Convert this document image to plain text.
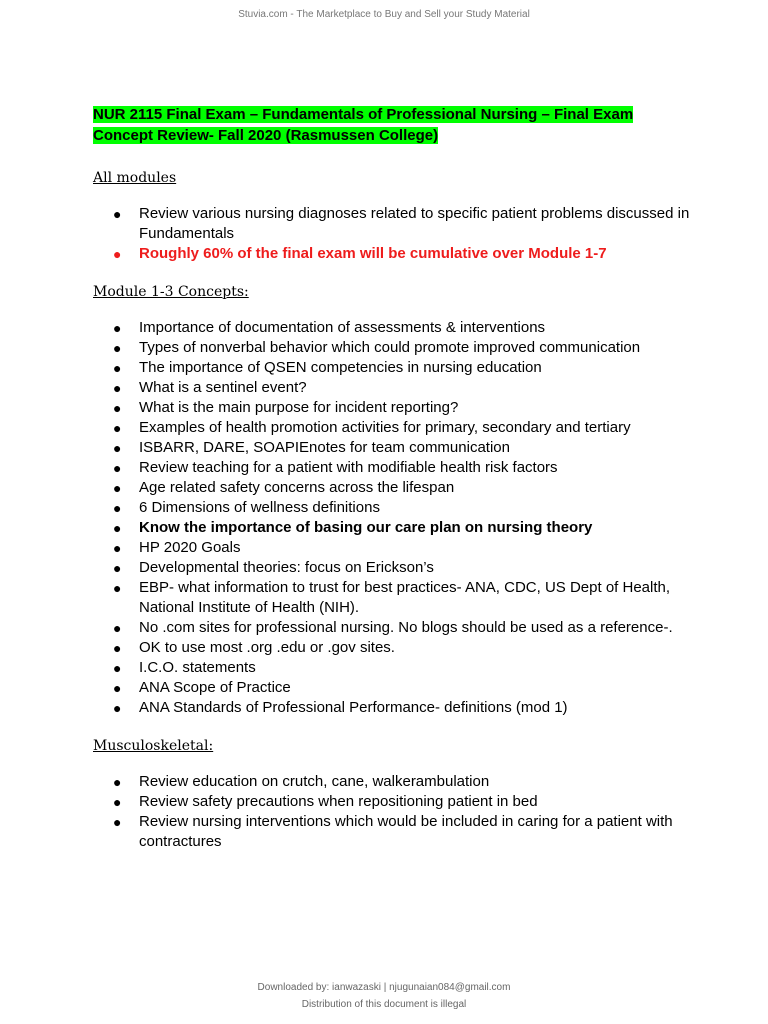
Stuvia.com - The Marketplace to Buy and Sell your Study Material

NUR 2115 Final Exam – Fundamentals of Professional Nursing – Final Exam
Concept Review- Fall 2020 (Rasmussen College)

All modules

● Review various nursing diagnoses related to specific patient problems discussed in Fundamentals
● Roughly 60% of the final exam will be cumulative over Module 1-7

Module 1-3 Concepts:

● Importance of documentation of assessments & interventions
● Types of nonverbal behavior which could promote improved communication
● The importance of QSEN competencies in nursing education
● What is a sentinel event?
● What is the main purpose for incident reporting?
● Examples of health promotion activities for primary, secondary and tertiary
● ISBARR, DARE, SOAPIEnotes for team communication
● Review teaching for a patient with modifiable health risk factors
● Age related safety concerns across the lifespan
● 6 Dimensions of wellness definitions
● Know the importance of basing our care plan on nursing theory
● HP 2020 Goals
● Developmental theories: focus on Erickson’s
● EBP- what information to trust for best practices- ANA, CDC, US Dept of Health, National Institute of Health (NIH).
● No .com sites for professional nursing. No blogs should be used as a reference-.
● OK to use most .org .edu or .gov sites.
● I.C.O. statements
● ANA Scope of Practice
● ANA Standards of Professional Performance- definitions (mod 1)

Musculoskeletal:

● Review education on crutch, cane, walkerambulation
● Review safety precautions when repositioning patient in bed
● Review nursing interventions which would be included in caring for a patient with contractures
Downloaded by: ianwazaski | njugunaian084@gmail.com
Distribution of this document is illegal
